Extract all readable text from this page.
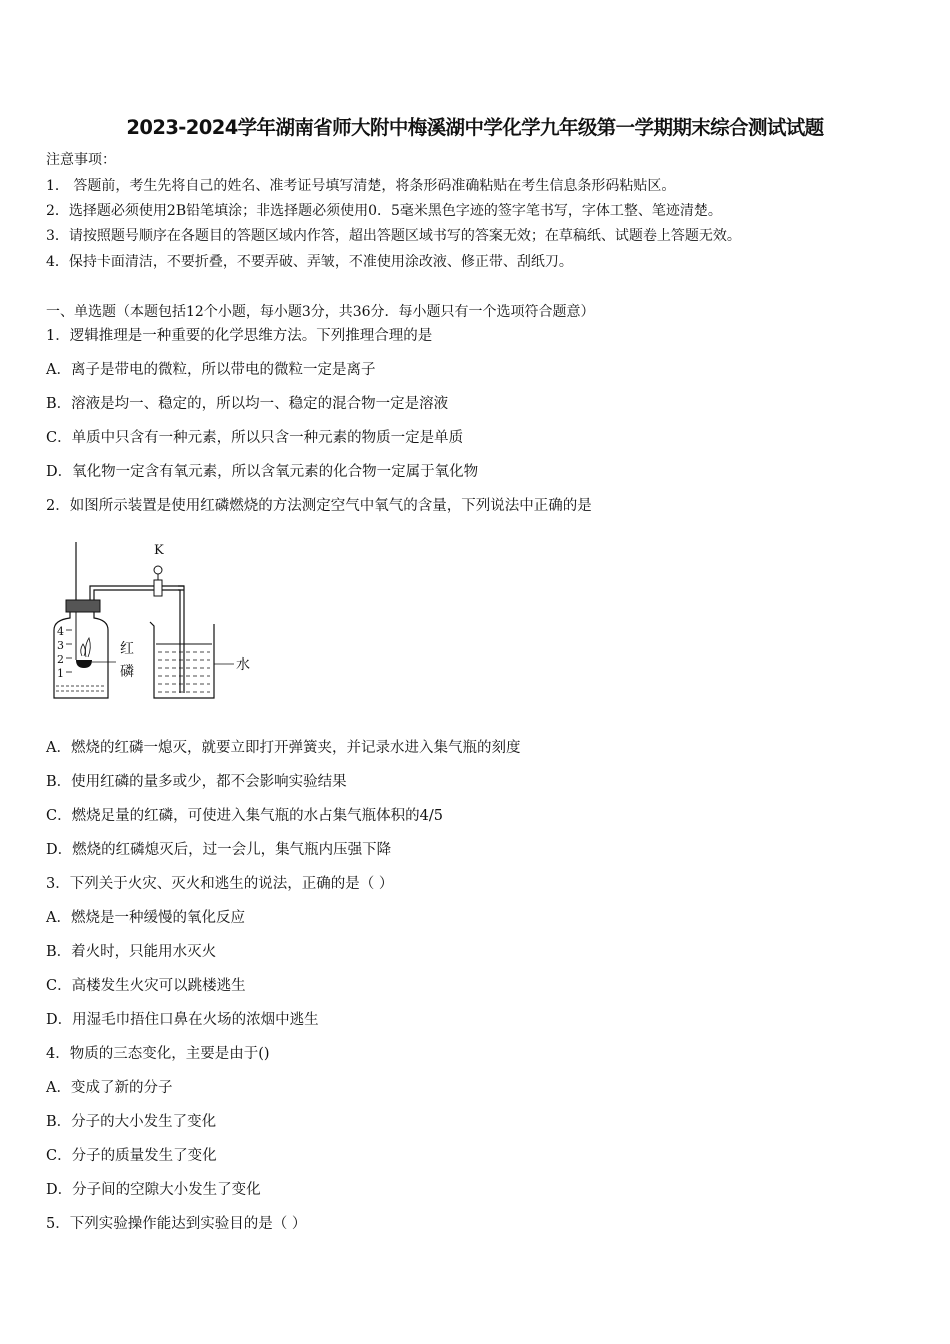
2023-2024学年湖南省师大附中梅溪湖中学化学九年级第一学期期末综合测试试题
注意事项：
1． 答题前，考生先将自己的姓名、准考证号填写清楚，将条形码准确粘贴在考生信息条形码粘贴区。
2．选择题必须使用2B铅笔填涂；非选择题必须使用0．5毫米黑色字迹的签字笔书写，字体工整、笔迹清楚。
3．请按照题号顺序在各题目的答题区域内作答，超出答题区域书写的答案无效；在草稿纸、试题卷上答题无效。
4．保持卡面清洁，不要折叠，不要弄破、弄皱，不准使用涂改液、修正带、刮纸刀。
一、单选题（本题包括12个小题，每小题3分，共36分．每小题只有一个选项符合题意）
1．逻辑推理是一种重要的化学思维方法。下列推理合理的是
A．离子是带电的微粒，所以带电的微粒一定是离子
B．溶液是均一、稳定的，所以均一、稳定的混合物一定是溶液
C．单质中只含有一种元素，所以只含一种元素的物质一定是单质
D．氧化物一定含有氧元素，所以含氧元素的化合物一定属于氧化物
2．如图所示装置是使用红磷燃烧的方法测定空气中氧气的含量，下列说法中正确的是
4
3
2
1
红
磷
K
水
A．燃烧的红磷一熄灭，就要立即打开弹簧夹，并记录水进入集气瓶的刻度
B．使用红磷的量多或少，都不会影响实验结果
C．燃烧足量的红磷，可使进入集气瓶的水占集气瓶体积的4/5
D．燃烧的红磷熄灭后，过一会儿，集气瓶内压强下降
3．下列关于火灾、灭火和逃生的说法，正确的是（ ）
A．燃烧是一种缓慢的氧化反应
B．着火时，只能用水灭火
C．高楼发生火灾可以跳楼逃生
D．用湿毛巾捂住口鼻在火场的浓烟中逃生
4．物质的三态变化，主要是由于()
A．变成了新的分子
B．分子的大小发生了变化
C．分子的质量发生了变化
D．分子间的空隙大小发生了变化
5．下列实验操作能达到实验目的是（ ）
